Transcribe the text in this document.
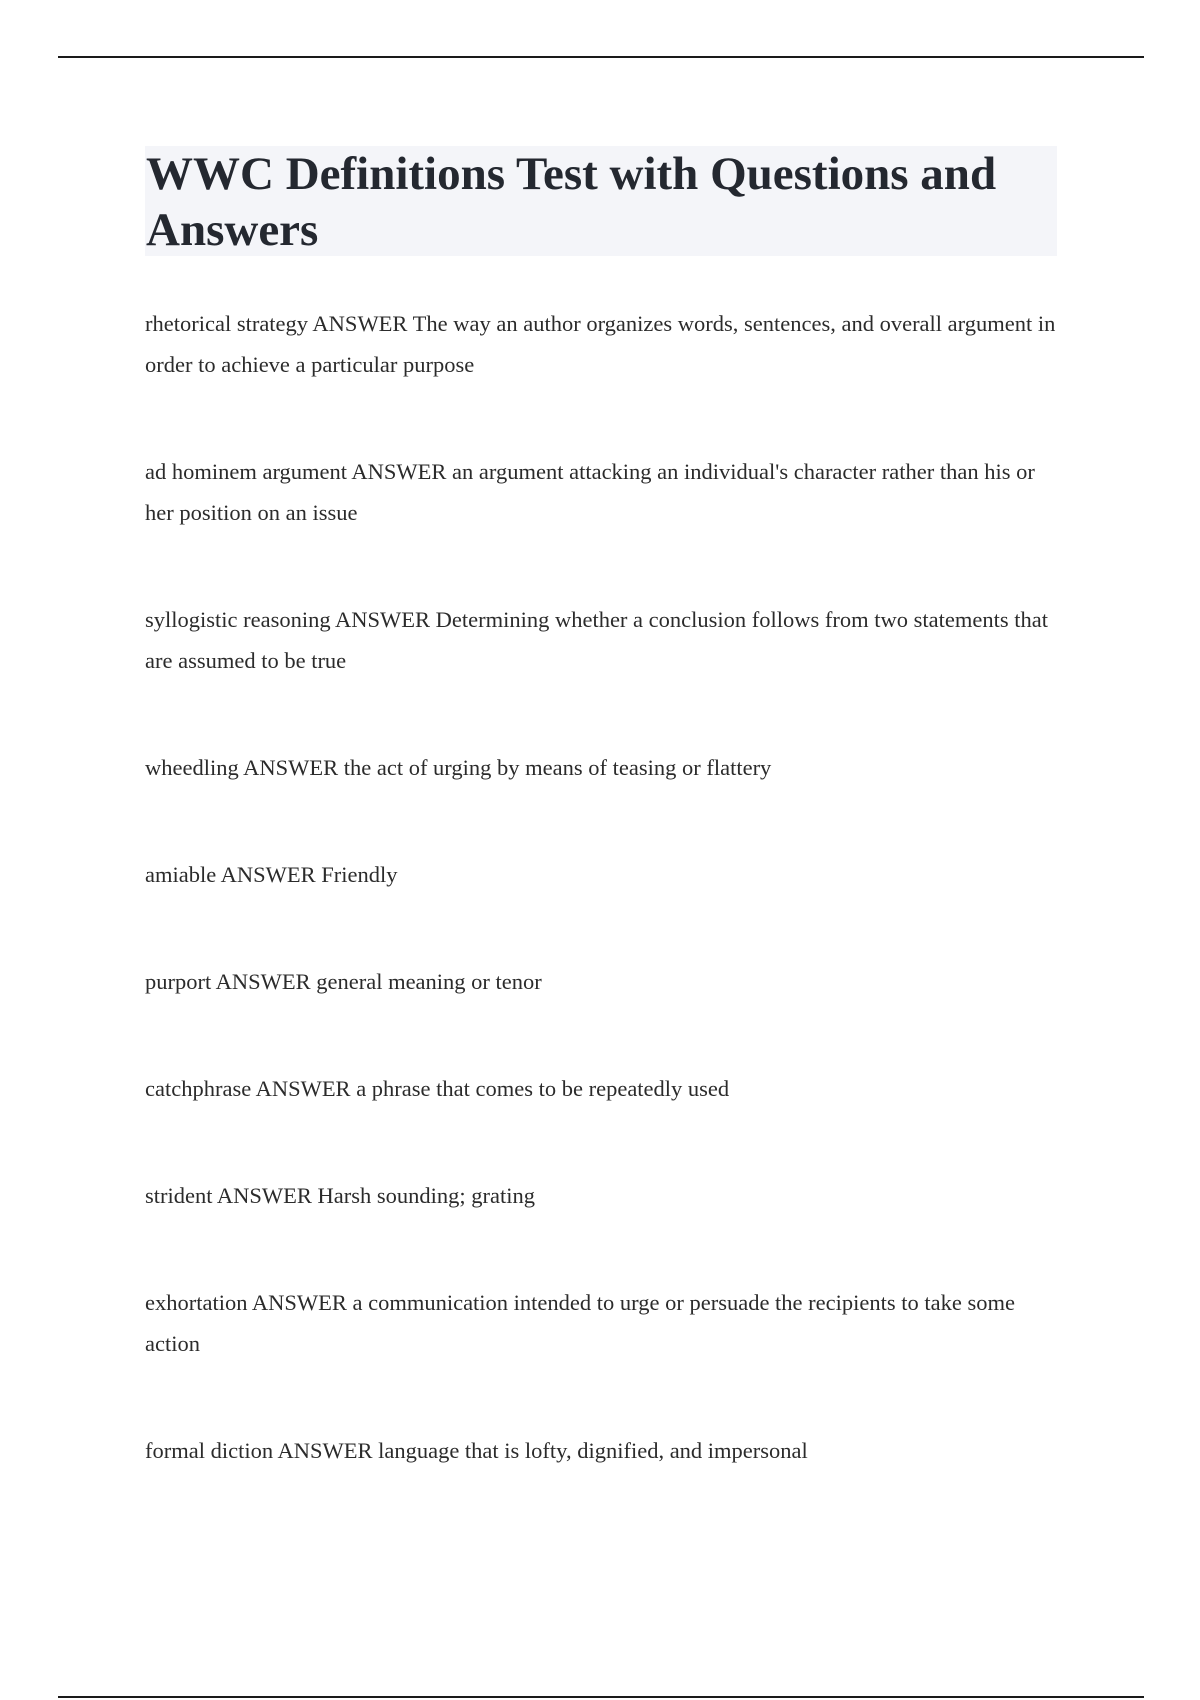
WWC Definitions Test with Questions and Answers

rhetorical strategy ANSWER The way an author organizes words, sentences, and overall argument in order to achieve a particular purpose

ad hominem argument ANSWER an argument attacking an individual's character rather than his or her position on an issue

syllogistic reasoning ANSWER Determining whether a conclusion follows from two statements that are assumed to be true

wheedling ANSWER the act of urging by means of teasing or flattery

amiable ANSWER Friendly

purport ANSWER general meaning or tenor

catchphrase ANSWER a phrase that comes to be repeatedly used

strident ANSWER Harsh sounding; grating

exhortation ANSWER a communication intended to urge or persuade the recipients to take some action

formal diction ANSWER language that is lofty, dignified, and impersonal
